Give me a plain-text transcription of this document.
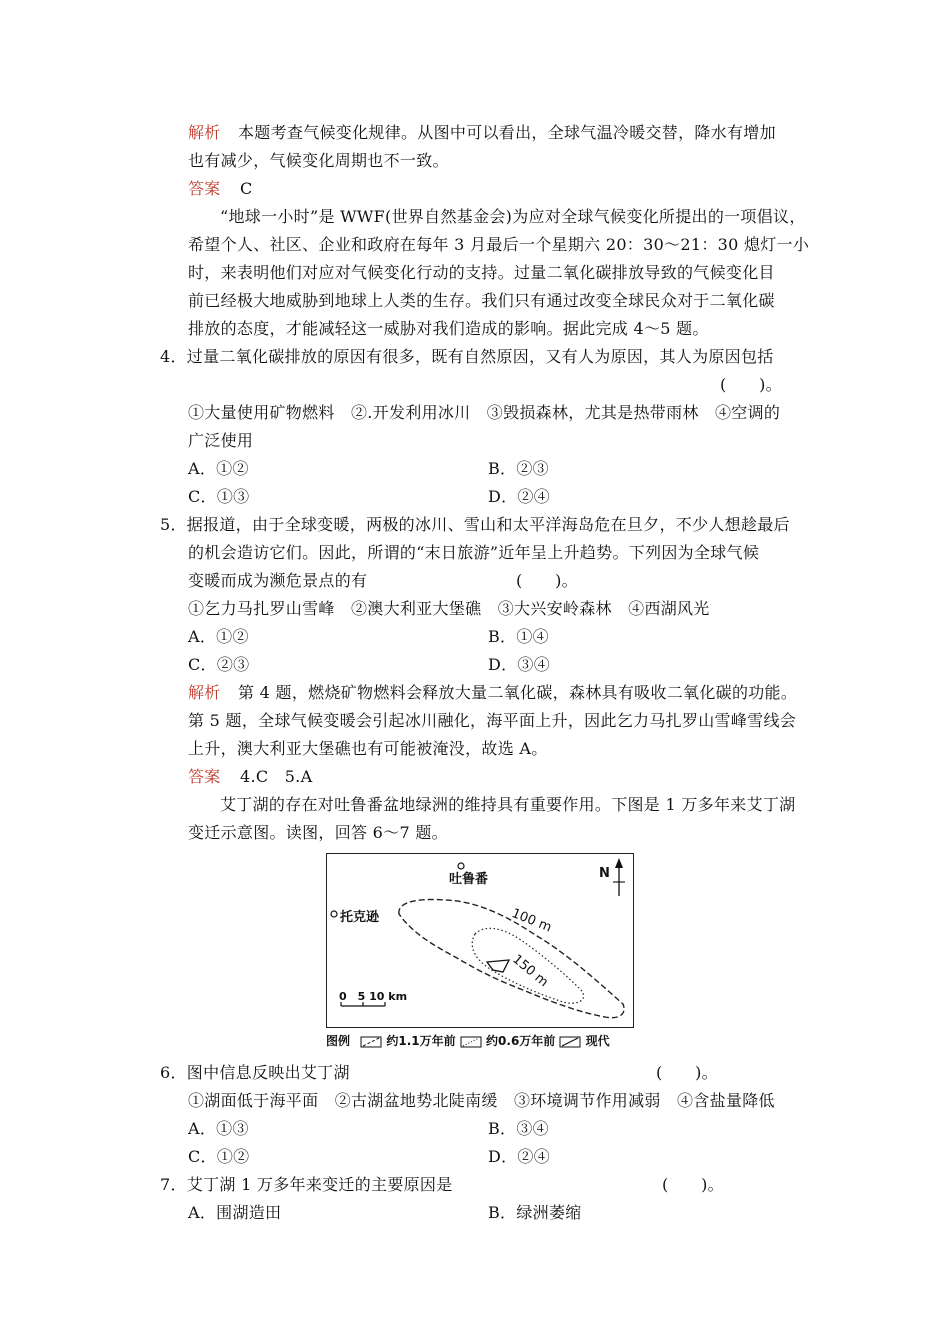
解析 本题考查气候变化规律。从图中可以看出，全球气温冷暖交替，降水有增加
也有减少，气候变化周期也不一致。
答案 C
“地球一小时”是 WWF(世界自然基金会)为应对全球气候变化所提出的一项倡议，
希望个人、社区、企业和政府在每年 3 月最后一个星期六 20：30～21：30 熄灯一小
时，来表明他们对应对气候变化行动的支持。过量二氧化碳排放导致的气候变化目
前已经极大地威胁到地球上人类的生存。我们只有通过改变全球民众对于二氧化碳
排放的态度，才能减轻这一威胁对我们造成的影响。据此完成 4～5 题。
4．过量二氧化碳排放的原因有很多，既有自然原因，又有人为原因，其人为原因包括
(　　)。
①大量使用矿物燃料　②.开发利用冰川　③毁损森林，尤其是热带雨林　④空调的
广泛使用
A．①②	B．②③
C．①③	D．②④
5．据报道，由于全球变暖，两极的冰川、雪山和太平洋海岛危在旦夕，不少人想趁最后
的机会造访它们。因此，所谓的“末日旅游”近年呈上升趋势。下列因为全球气候
变暖而成为濒危景点的有	(　　)。
①乞力马扎罗山雪峰　②澳大利亚大堡礁　③大兴安岭森林　④西湖风光
A．①②	B．①④
C．②③	D．③④
解析 第 4 题，燃烧矿物燃料会释放大量二氧化碳，森林具有吸收二氧化碳的功能。
第 5 题，全球气候变暖会引起冰川融化，海平面上升，因此乞力马扎罗山雪峰雪线会
上升，澳大利亚大堡礁也有可能被淹没，故选 A。
答案 4.C　5.A
艾丁湖的存在对吐鲁番盆地绿洲的维持具有重要作用。下图是 1 万多年来艾丁湖
变迁示意图。读图，回答 6～7 题。
吐鲁番
托克逊
N
100 m
150 m
0　5 10 km
图例	约1.1万年前	约0.6万年前	现代
6．图中信息反映出艾丁湖	(　　)。
①湖面低于海平面　②古湖盆地势北陡南缓　③环境调节作用减弱　④含盐量降低
A．①③	B．③④
C．①②	D．②④
7．艾丁湖 1 万多年来变迁的主要原因是	(　　)。
A．围湖造田	B．绿洲萎缩
